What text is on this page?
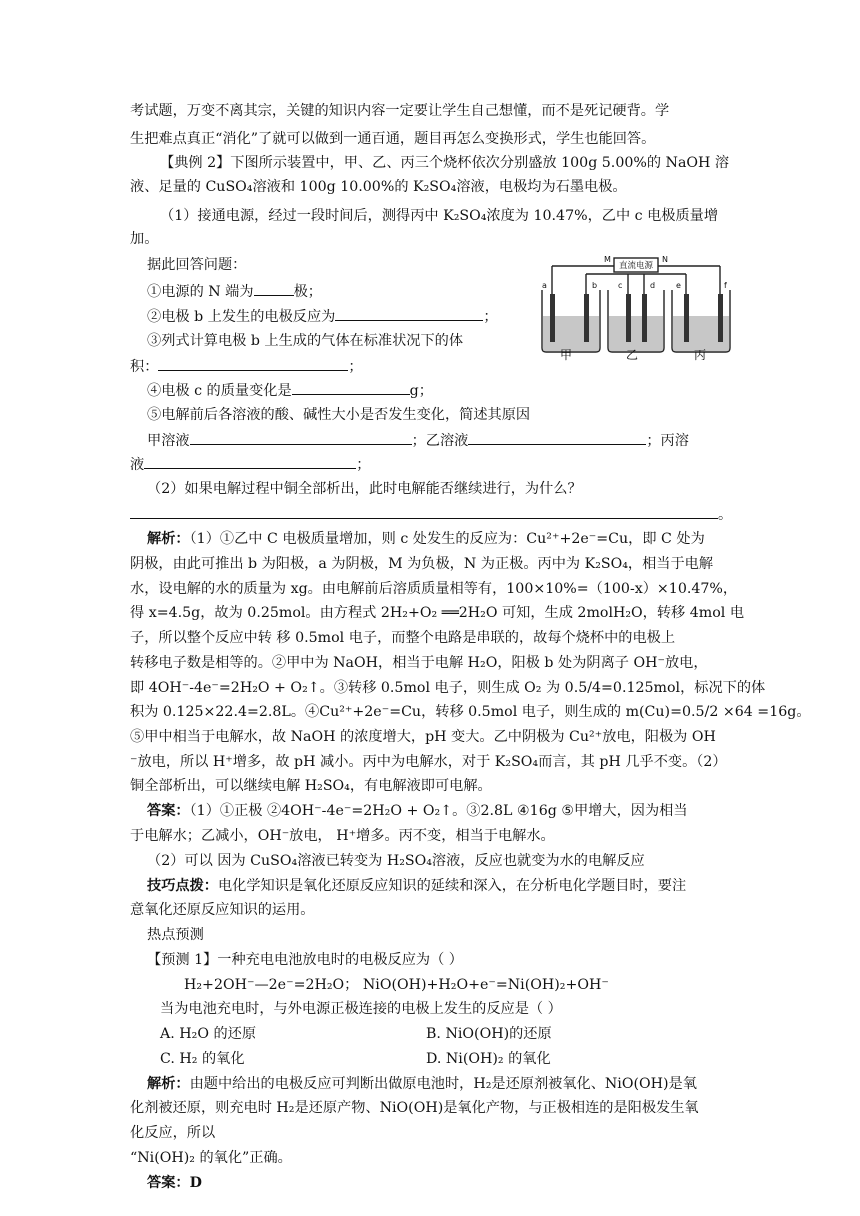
考试题，万变不离其宗，关键的知识内容一定要让学生自己想懂，而不是死记硬背。学
生把难点真正“消化”了就可以做到一通百通，题目再怎么变换形式，学生也能回答。
【典例 2】下图所示装置中，甲、乙、丙三个烧杯依次分别盛放 100g 5.00%的 NaOH 溶
液、足量的 CuSO₄溶液和 100g 10.00%的 K₂SO₄溶液，电极均为石墨电极。
（1）接通电源，经过一段时间后，测得丙中 K₂SO₄浓度为 10.47%，乙中 c 电极质量增
加。
据此回答问题：
①电源的 N 端为	极；
②电极 b 上发生的电极反应为	；
③列式计算电极 b 上生成的气体在标准状况下的体
积：	；
④电极 c 的质量变化是	g；
⑤电解前后各溶液的酸、碱性大小是否发生变化，简述其原因
甲溶液	；乙溶液	；丙溶
液	；
（2）如果电解过程中铜全部析出，此时电解能否继续进行，为什么？
。
解析：（1）①乙中 C 电极质量增加，则 c 处发生的反应为：Cu²⁺+2e⁻=Cu，即 C 处为
阴极，由此可推出 b 为阳极，a 为阴极，M 为负极，N 为正极。丙中为 K₂SO₄，相当于电解
水，设电解的水的质量为 xg。由电解前后溶质质量相等有，100×10%=（100-x）×10.47%，
得 x=4.5g，故为 0.25mol。由方程式 2H₂+O₂ ══2H₂O 可知，生成 2molH₂O，转移 4mol 电
子，所以整个反应中转 移 0.5mol 电子，而整个电路是串联的，故每个烧杯中的电极上
转移电子数是相等的。②甲中为 NaOH，相当于电解 H₂O，阳极 b 处为阴离子 OH⁻放电，
即 4OH⁻-4e⁻=2H₂O + O₂↑。③转移 0.5mol 电子，则生成 O₂ 为 0.5/4=0.125mol，标况下的体
积为 0.125×22.4=2.8L。④Cu²⁺+2e⁻=Cu，转移 0.5mol 电子，则生成的 m(Cu)=0.5/2 ×64 =16g。
⑤甲中相当于电解水，故 NaOH 的浓度增大，pH 变大。乙中阴极为 Cu²⁺放电，阳极为 OH
⁻放电，所以 H⁺增多，故 pH 减小。丙中为电解水，对于 K₂SO₄而言，其 pH 几乎不变。（2）
铜全部析出，可以继续电解 H₂SO₄，有电解液即可电解。
答案：（1）①正极 ②4OH⁻-4e⁻=2H₂O + O₂↑。③2.8L ④16g ⑤甲增大，因为相当
于电解水；乙减小，OH⁻放电， H⁺增多。丙不变，相当于电解水。
（2）可以 因为 CuSO₄溶液已转变为 H₂SO₄溶液，反应也就变为水的电解反应
技巧点拨：电化学知识是氧化还原反应知识的延续和深入，在分析电化学题目时，要注
意氧化还原反应知识的运用。
热点预测
【预测 1】一种充电电池放电时的电极反应为（ ）
H₂+2OH⁻—2e⁻=2H₂O； NiO(OH)+H₂O+e⁻=Ni(OH)₂+OH⁻
当为电池充电时，与外电源正极连接的电极上发生的反应是（ ）
A. H₂O 的还原	B. NiO(OH)的还原
C. H₂ 的氧化	D. Ni(OH)₂ 的氧化
解析：由题中给出的电极反应可判断出做原电池时，H₂是还原剂被氧化、NiO(OH)是氧
化剂被还原，则充电时 H₂是还原产物、NiO(OH)是氧化产物，与正极相连的是阳极发生氧
化反应，所以
“Ni(OH)₂ 的氧化”正确。
答案：D
直流电源
M	N
a	b	c	d	e	f
甲	乙	丙
